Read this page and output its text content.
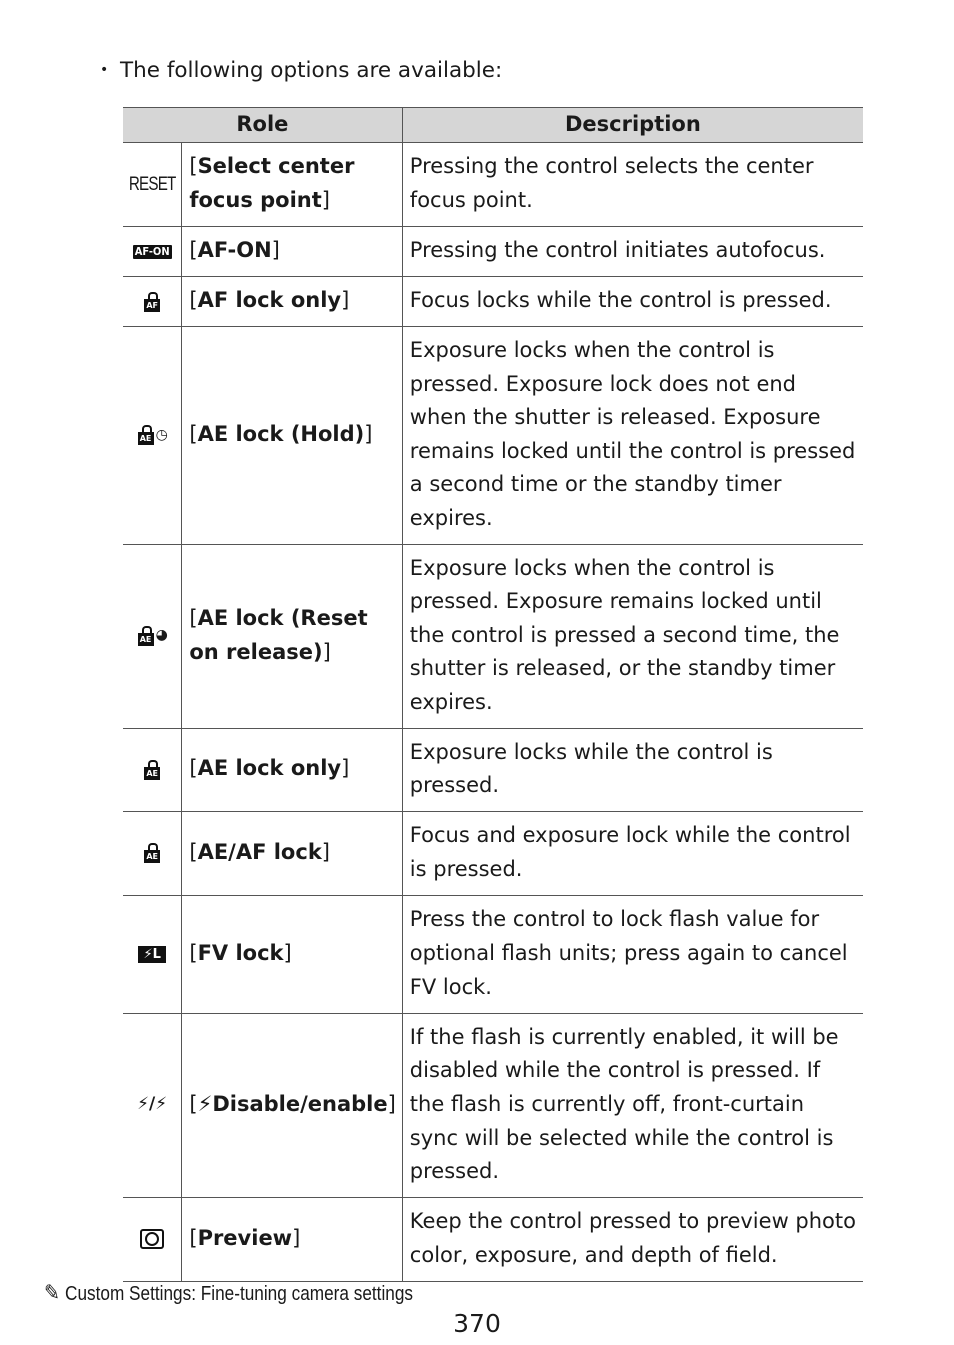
• The following options are available:
Role		Description
RESET	[Select center focus point]	Pressing the control selects the center focus point.
AF-ON	[AF-ON]	Pressing the control initiates autofocus.

AF	[AF lock only]	Focus locks while the control is pressed.

AE ◷	[AE lock (Hold)]	Exposure locks when the control is pressed. Exposure lock does not end when the shutter is released. Exposure remains locked until the control is pressed a second time or the standby timer expires.

AE ◕	[AE lock (Reset on release)]	Exposure locks when the control is pressed. Exposure remains locked until the control is pressed a second time, the shutter is released, or the standby timer expires.

AE	[AE lock only]	Exposure locks while the control is pressed.

AE	[AE/AF lock]	Focus and exposure lock while the control is pressed.
⚡L	[FV lock]	Press the control to lock flash value for optional flash units; press again to cancel FV lock.
⚡/⚡	[⚡Disable/enable]	If the flash is currently enabled, it will be disabled while the control is pressed. If the flash is currently off, front-curtain sync will be selected while the control is pressed.
	[Preview]	Keep the control pressed to preview photo color, exposure, and depth of field.
✎ Custom Settings: Fine-tuning camera settings
370
